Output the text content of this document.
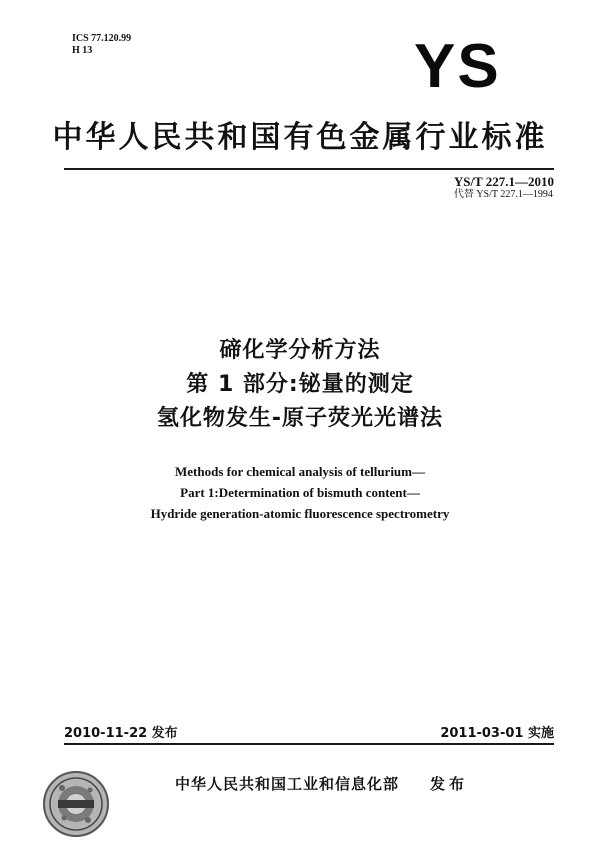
ICS 77.120.99
H 13	YS
中华人民共和国有色金属行业标准
YS/T 227.1—2010
代替 YS/T 227.1—1994
碲化学分析方法
第 1 部分:铋量的测定
氢化物发生-原子荧光光谱法
Methods for chemical analysis of tellurium—
Part 1:Determination of bismuth content—
Hydride generation-atomic fluorescence spectrometry
2010-11-22 发布	2011-03-01 实施
中华人民共和国工业和信息化部 发布
